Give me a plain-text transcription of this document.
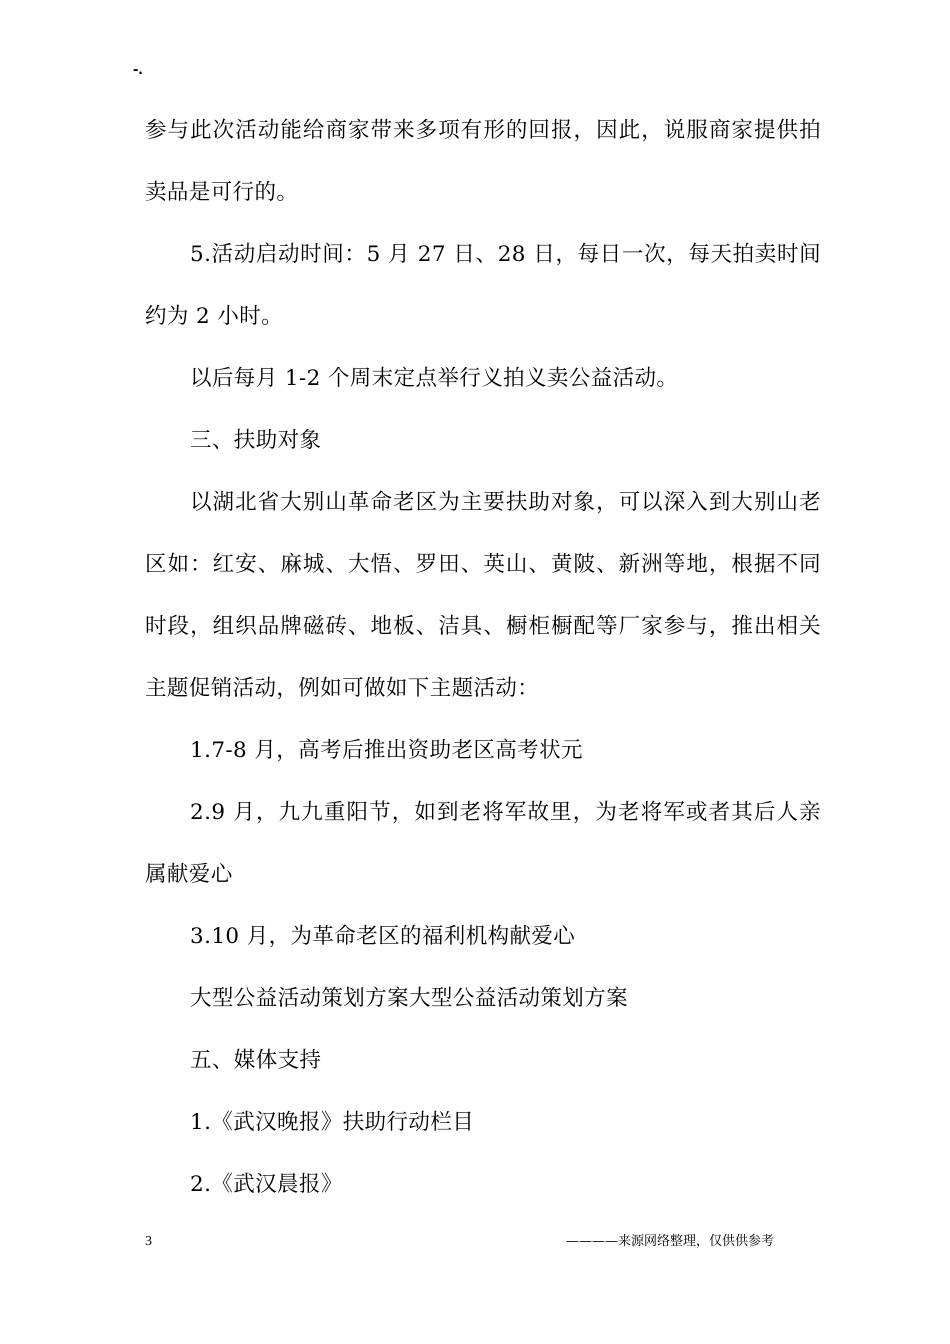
-.
参与此次活动能给商家带来多项有形的回报，因此，说服商家提供拍
卖品是可行的。
5.活动启动时间：5 月 27 日、28 日，每日一次，每天拍卖时间
约为 2 小时。
以后每月 1-2 个周末定点举行义拍义卖公益活动。
三、扶助对象
以湖北省大别山革命老区为主要扶助对象，可以深入到大别山老
区如：红安、麻城、大悟、罗田、英山、黄陂、新洲等地，根据不同
时段，组织品牌磁砖、地板、洁具、橱柜橱配等厂家参与，推出相关
主题促销活动，例如可做如下主题活动：
1.7-8 月，高考后推出资助老区高考状元
2.9 月，九九重阳节，如到老将军故里，为老将军或者其后人亲
属献爱心
3.10 月，为革命老区的福利机构献爱心
大型公益活动策划方案大型公益活动策划方案
五、媒体支持
1.《武汉晚报》扶助行动栏目
2.《武汉晨报》
3	————来源网络整理，仅供供参考
